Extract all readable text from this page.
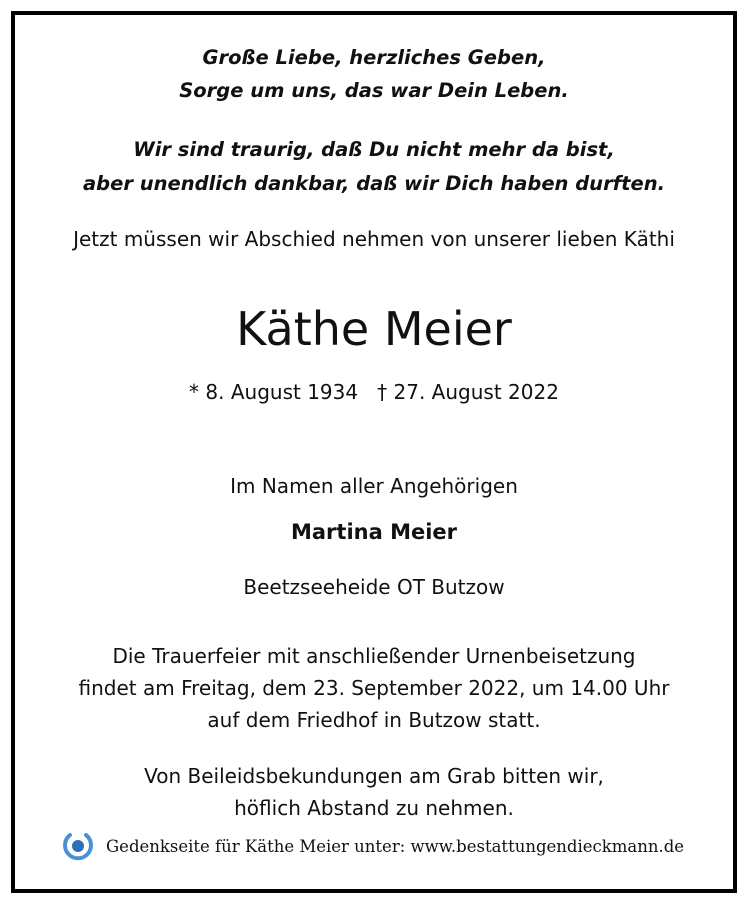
Große Liebe, herzliches Geben,
Sorge um uns, das war Dein Leben.
Wir sind traurig, daß Du nicht mehr da bist,
aber unendlich dankbar, daß wir Dich haben durften.
Jetzt müssen wir Abschied nehmen von unserer lieben Käthi
Käthe Meier
* 8. August 1934   † 27. August 2022
Im Namen aller Angehörigen
Martina Meier
Beetzseeheide OT Butzow
Die Trauerfeier mit anschließender Urnenbeisetzung
findet am Freitag, dem 23. September 2022, um 14.00 Uhr
auf dem Friedhof in Butzow statt.
Von Beileidsbekundungen am Grab bitten wir,
höflich Abstand zu nehmen.
Gedenkseite für Käthe Meier unter: www.bestattungendieckmann.de
